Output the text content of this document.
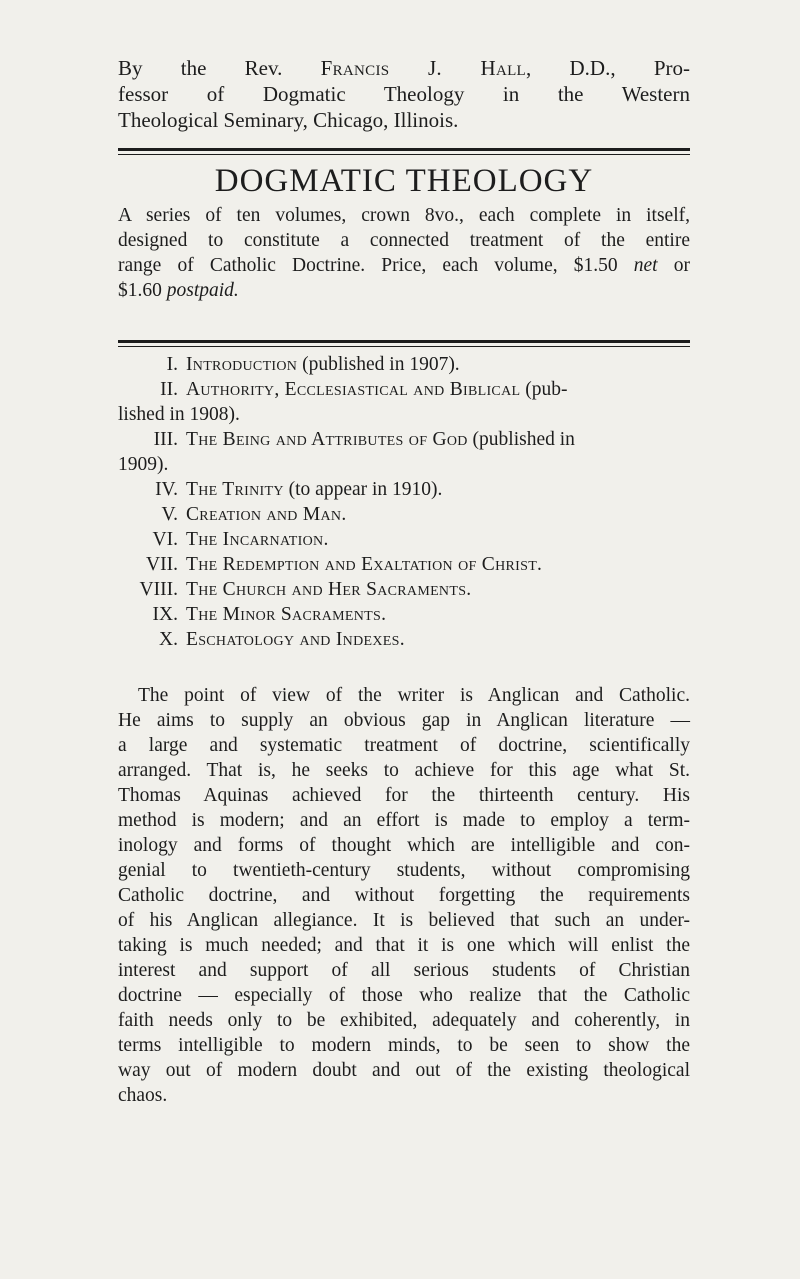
By the Rev. Francis J. Hall, D.D., Pro-
fessor of Dogmatic Theology in the Western
Theological Seminary, Chicago, Illinois.
DOGMATIC THEOLOGY
A series of ten volumes, crown 8vo., each complete in itself,
designed to constitute a connected treatment of the entire
range of Catholic Doctrine. Price, each volume, $1.50 net or
$1.60 postpaid.
I. Introduction (published in 1907).
II. Authority, Ecclesiastical and Biblical (pub-
lished in 1908).
III. The Being and Attributes of God (published in
1909).
IV. The Trinity (to appear in 1910).
V. Creation and Man.
VI. The Incarnation.
VII. The Redemption and Exaltation of Christ.
VIII. The Church and Her Sacraments.
IX. The Minor Sacraments.
X. Eschatology and Indexes.
The point of view of the writer is Anglican and Catholic.
He aims to supply an obvious gap in Anglican literature —
a large and systematic treatment of doctrine, scientifically
arranged. That is, he seeks to achieve for this age what St.
Thomas Aquinas achieved for the thirteenth century. His
method is modern; and an effort is made to employ a term-
inology and forms of thought which are intelligible and con-
genial to twentieth-century students, without compromising
Catholic doctrine, and without forgetting the requirements
of his Anglican allegiance. It is believed that such an under-
taking is much needed; and that it is one which will enlist the
interest and support of all serious students of Christian
doctrine — especially of those who realize that the Catholic
faith needs only to be exhibited, adequately and coherently, in
terms intelligible to modern minds, to be seen to show the
way out of modern doubt and out of the existing theological
chaos.
